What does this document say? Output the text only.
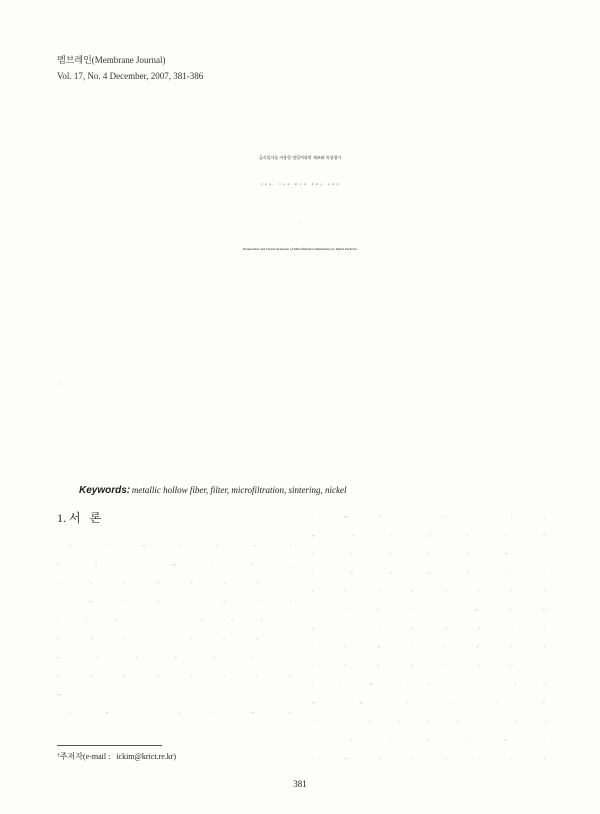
멤브레인(Membrane Journal)
Vol. 17, No. 4 December, 2007, 381-386
금속입자를 이용한 정밀여과막 제조와 특성평가
김 인 철† · 이 규 호 · 박 주 영 · 정 보 름 · 권 자 영
Preparation and Characterization of Microfiltration Membrane by Metal Particles
Keywords: metallic hollow fiber, filter, microfiltration, sintering, nickel
1. 서   론
†주저자(e-mail :   ickim@krict.re.kr)
381
